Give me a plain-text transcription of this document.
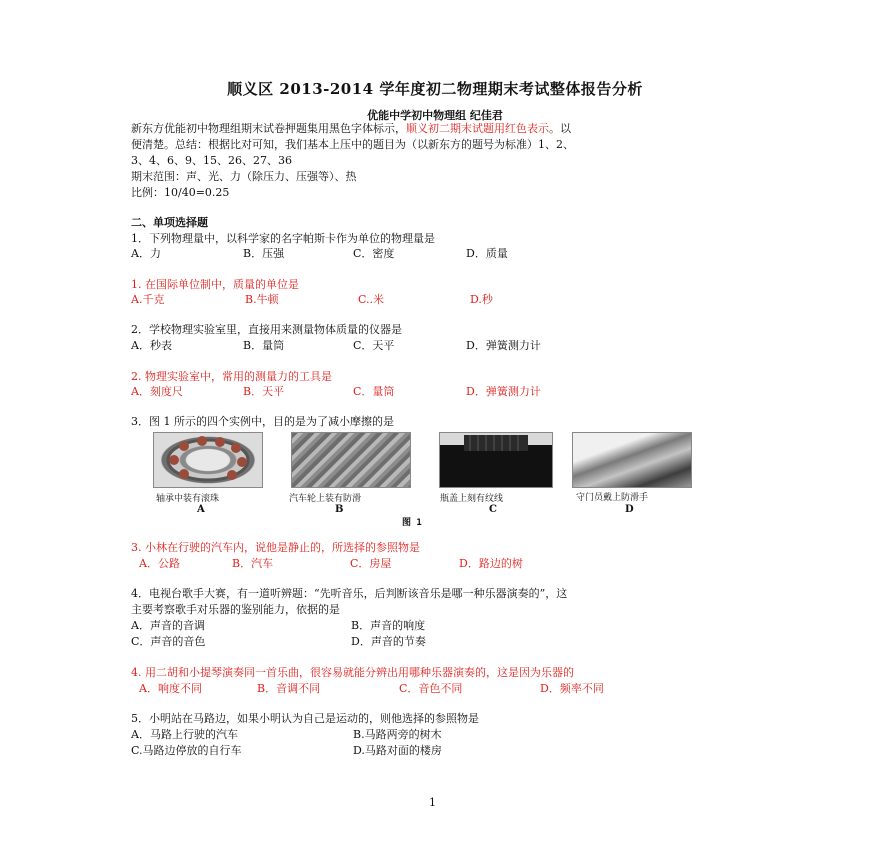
顺义区 2013-2014 学年度初二物理期末考试整体报告分析
优能中学初中物理组 纪佳君
新东方优能初中物理组期末试卷押题集用黑色字体标示，顺义初二期末试题用红色表示。以
便清楚。总结：根据比对可知，我们基本上压中的题目为（以新东方的题号为标准）1、2、
3、4、6、9、15、26、27、36
期末范围：声、光、力（除压力、压强等）、热
比例：10/40=0.25
二、单项选择题
1．下列物理量中，以科学家的名字帕斯卡作为单位的物理量是
A．力	B．压强	C．密度	D．质量
1. 在国际单位制中，质量的单位是
A.千克	B.牛顿	C..米	D.秒
2．学校物理实验室里，直接用来测量物体质量的仪器是
A．秒表	B．量筒	C．天平	D．弹簧测力计
2. 物理实验室中，常用的测量力的工具是
A．刻度尺	B．天平	C．量筒	D．弹簧测力计
3．图 1 所示的四个实例中，目的是为了减小摩擦的是
轴承中装有滚珠	汽车轮上装有防滑	瓶盖上刻有纹线	守门员戴上防滑手
A	B	C	D
图 1
3. 小林在行驶的汽车内，说他是静止的，所选择的参照物是
A．公路	B．汽车	C．房屋	D．路边的树
4．电视台歌手大赛，有一道听辨题：“先听音乐，后判断该音乐是哪一种乐器演奏的”，这
主要考察歌手对乐器的鉴别能力，依据的是
A．声音的音调	B．声音的响度
C．声音的音色	D．声音的节奏
4. 用二胡和小提琴演奏同一首乐曲，很容易就能分辨出用哪种乐器演奏的，这是因为乐器的
A．响度不同	B．音调不同	C．音色不同	D．频率不同
5．小明站在马路边，如果小明认为自己是运动的，则他选择的参照物是
A．马路上行驶的汽车	B.马路两旁的树木
C.马路边停放的自行车	D.马路对面的楼房
1
